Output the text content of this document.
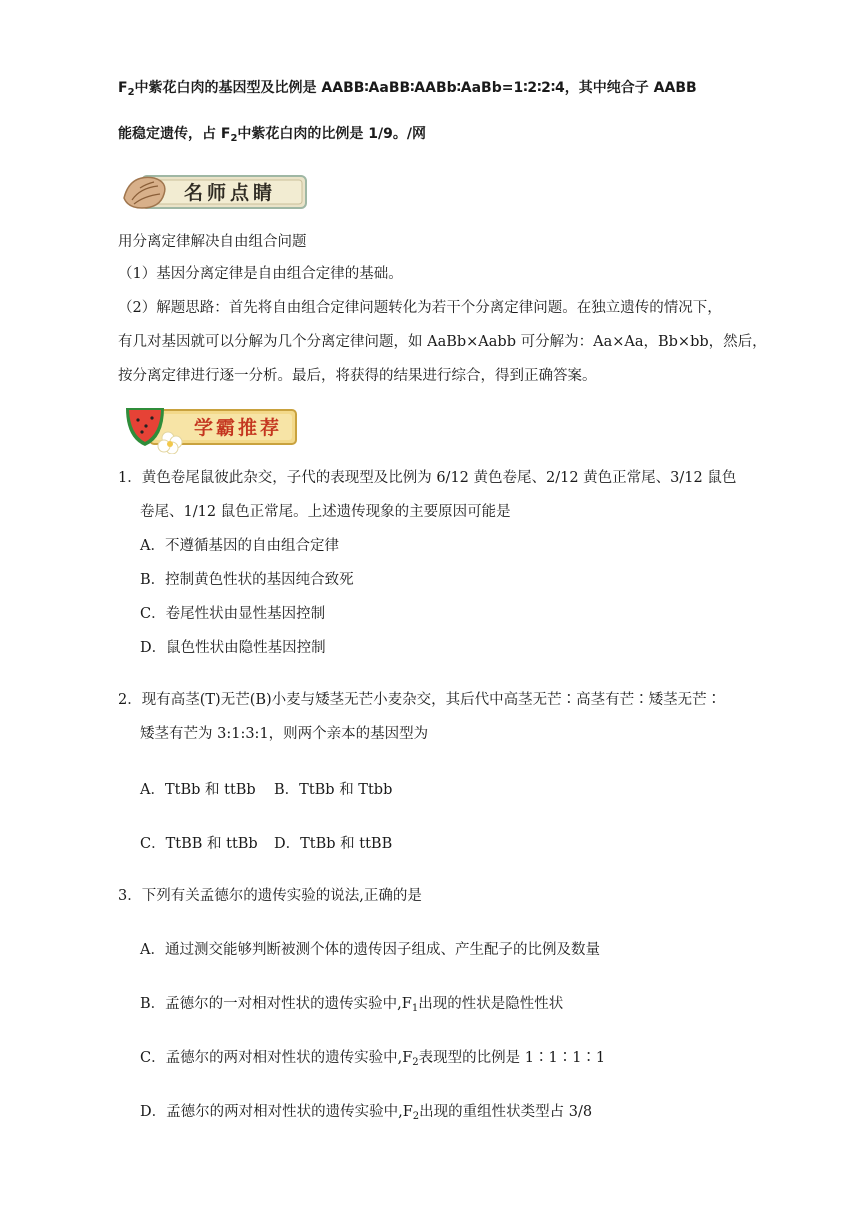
$F_2$中紫花白肉的基因型及比例是 AABB∶AaBB∶AABb∶AaBb=1∶2∶2∶4，其中纯合子 AABB
能稳定遗传，占 $F_2$中紫花白肉的比例是 1/9。/网
名师点睛
用分离定律解决自由组合问题
（1）基因分离定律是自由组合定律的基础。
（2）解题思路：首先将自由组合定律问题转化为若干个分离定律问题。在独立遗传的情况下，
有几对基因就可以分解为几个分离定律问题，如 AaBb×Aabb 可分解为：Aa×Aa，Bb×bb，然后，
按分离定律进行逐一分析。最后，将获得的结果进行综合，得到正确答案。
学霸推荐
1．黄色卷尾鼠彼此杂交，子代的表现型及比例为 6/12 黄色卷尾、2/12 黄色正常尾、3/12 鼠色
卷尾、1/12 鼠色正常尾。上述遗传现象的主要原因可能是
A．不遵循基因的自由组合定律
B．控制黄色性状的基因纯合致死
C．卷尾性状由显性基因控制
D．鼠色性状由隐性基因控制
2．现有高茎(T)无芒(B)小麦与矮茎无芒小麦杂交，其后代中高茎无芒∶高茎有芒∶矮茎无芒∶
矮茎有芒为 3:1:3:1，则两个亲本的基因型为
A．TtBb 和 ttBb B．TtBb 和 Ttbb
C．TtBB 和 ttBb D．TtBb 和 ttBB
3．下列有关孟德尔的遗传实验的说法,正确的是
A．通过测交能够判断被测个体的遗传因子组成、产生配子的比例及数量
B．孟德尔的一对相对性状的遗传实验中$,F_1$出现的性状是隐性性状
C．孟德尔的两对相对性状的遗传实验中$,F_2$表现型的比例是 1∶1∶1∶1
D．孟德尔的两对相对性状的遗传实验中$,F_2$出现的重组性状类型占 3/8
